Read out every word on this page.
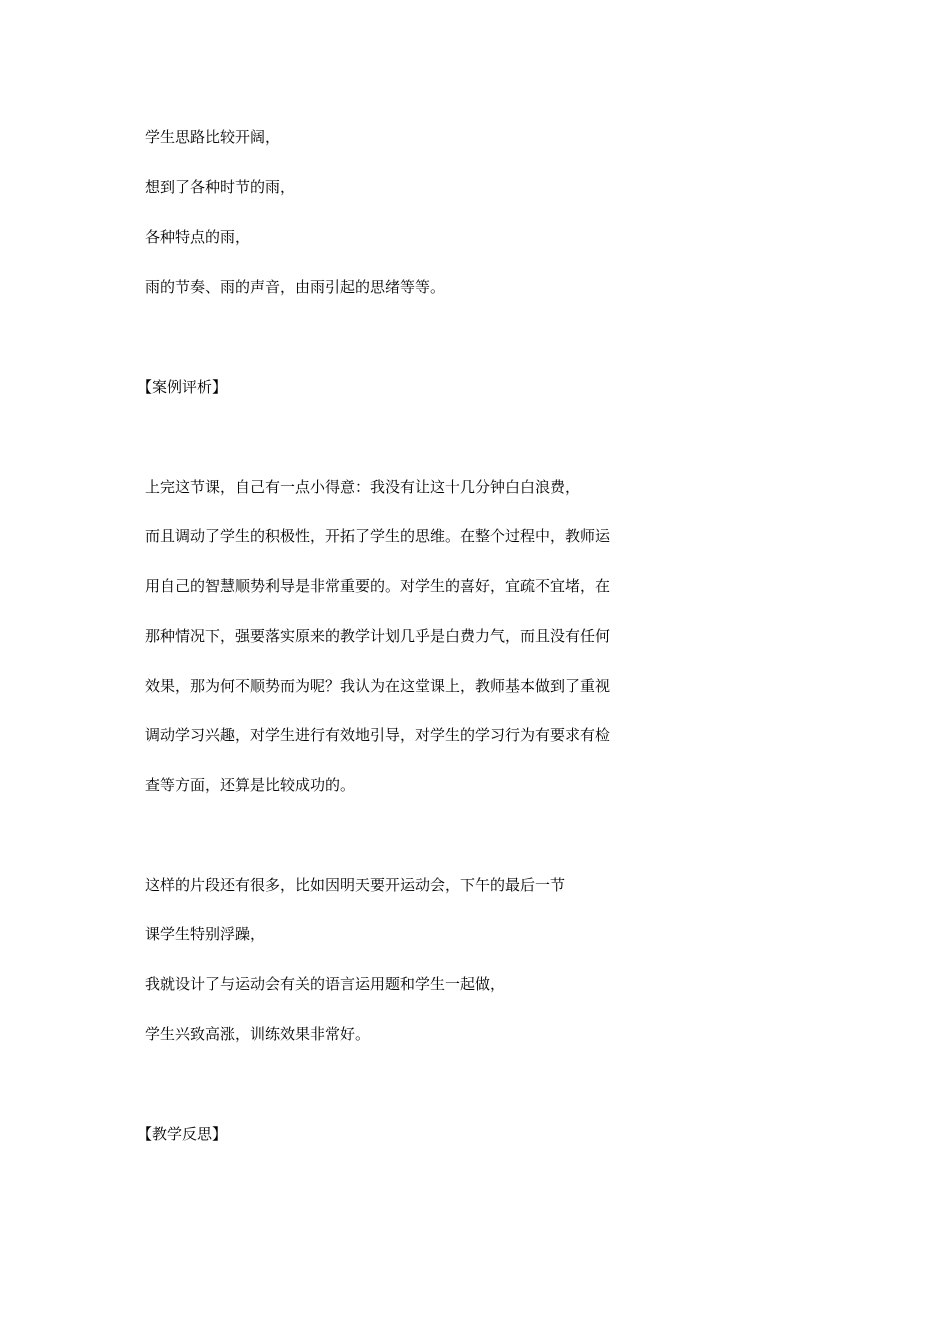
学生思路比较开阔，

想到了各种时节的雨，

各种特点的雨，

雨的节奏、雨的声音，由雨引起的思绪等等。

【案例评析】

上完这节课，自己有一点小得意：我没有让这十几分钟白白浪费，

而且调动了学生的积极性，开拓了学生的思维。在整个过程中，教师运

用自己的智慧顺势利导是非常重要的。对学生的喜好，宜疏不宜堵，在

那种情况下，强要落实原来的教学计划几乎是白费力气，而且没有任何

效果，那为何不顺势而为呢？我认为在这堂课上，教师基本做到了重视

调动学习兴趣，对学生进行有效地引导，对学生的学习行为有要求有检

查等方面，还算是比较成功的。

这样的片段还有很多，比如因明天要开运动会，下午的最后一节

课学生特别浮躁，

我就设计了与运动会有关的语言运用题和学生一起做，

学生兴致高涨，训练效果非常好。

【教学反思】
